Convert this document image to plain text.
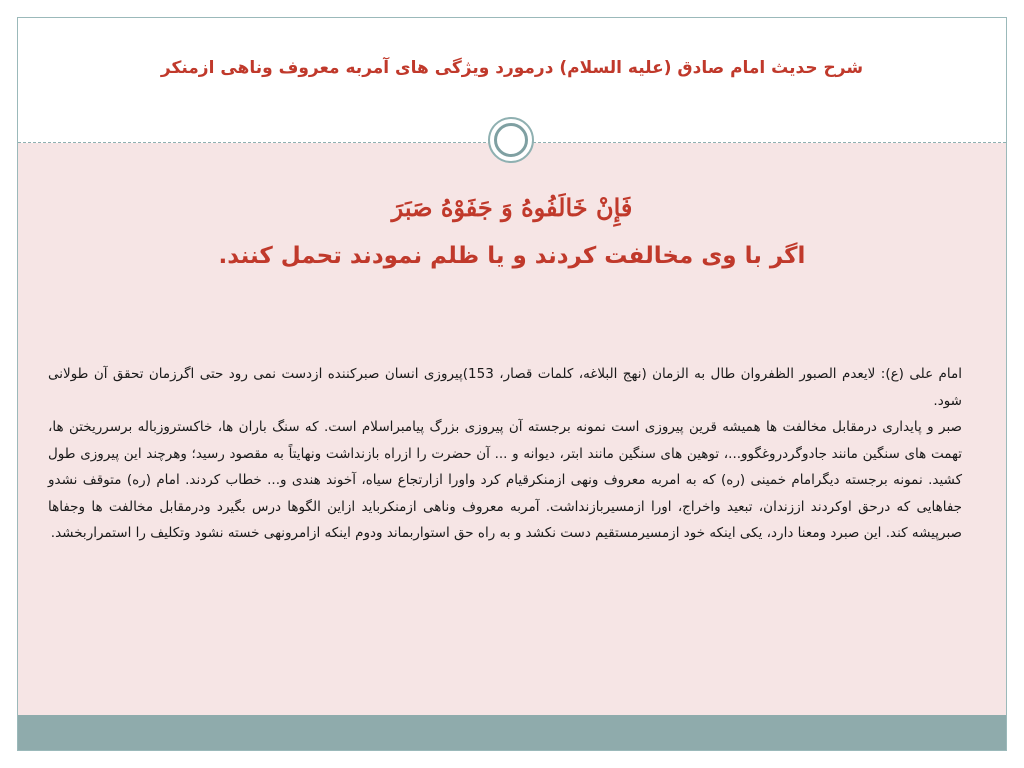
شرح حدیث امام صادق (علیه السلام) درمورد ویژگی های آمربه معروف وناهی ازمنکر
فَإِنْ خَالَفُوهُ وَ جَفَوْهُ صَبَرَ
اگر با وی مخالفت کردند و یا ظلم نمودند تحمل کنند.

امام علی (ع): لایعدم الصبور الظفروان طال به الزمان (نهج البلاغه، کلمات قصار، 153)پیروزی انسان صبرکننده ازدست نمی رود حتی اگرزمان تحقق آن طولانی شود.

صبر و پایداری درمقابل مخالفت ها همیشه قرین پیروزی است نمونه برجسته آن پیروزی بزرگ پیامبراسلام است. که سنگ باران ها، خاکستروزباله برسرریختن ها، تهمت های سنگین مانند جادوگردروغگوو...، توهین های سنگین مانند ابتر، دیوانه و ... آن حضرت را ازراه بازنداشت ونهایتاً به مقصود رسید؛ وهرچند این پیروزی طول کشید. نمونه برجسته دیگرامام خمینی (ره) که به امربه معروف ونهی ازمنکرقیام کرد واورا ازارتجاع سیاه، آخوند هندی و... خطاب کردند. امام (ره) متوقف نشدو جفاهایی که درحق اوکردند اززندان، تبعید واخراج، اورا ازمسیربازنداشت. آمربه معروف وناهی ازمنکرباید ازاین الگوها درس بگیرد ودرمقابل مخالفت ها وجفاها صبرپیشه کند. این صبرد ومعنا دارد، یکی اینکه خود ازمسیرمستقیم دست نکشد و به راه حق استواربماند ودوم اینکه ازامرونهی خسته نشود وتکلیف را استمراربخشد.
